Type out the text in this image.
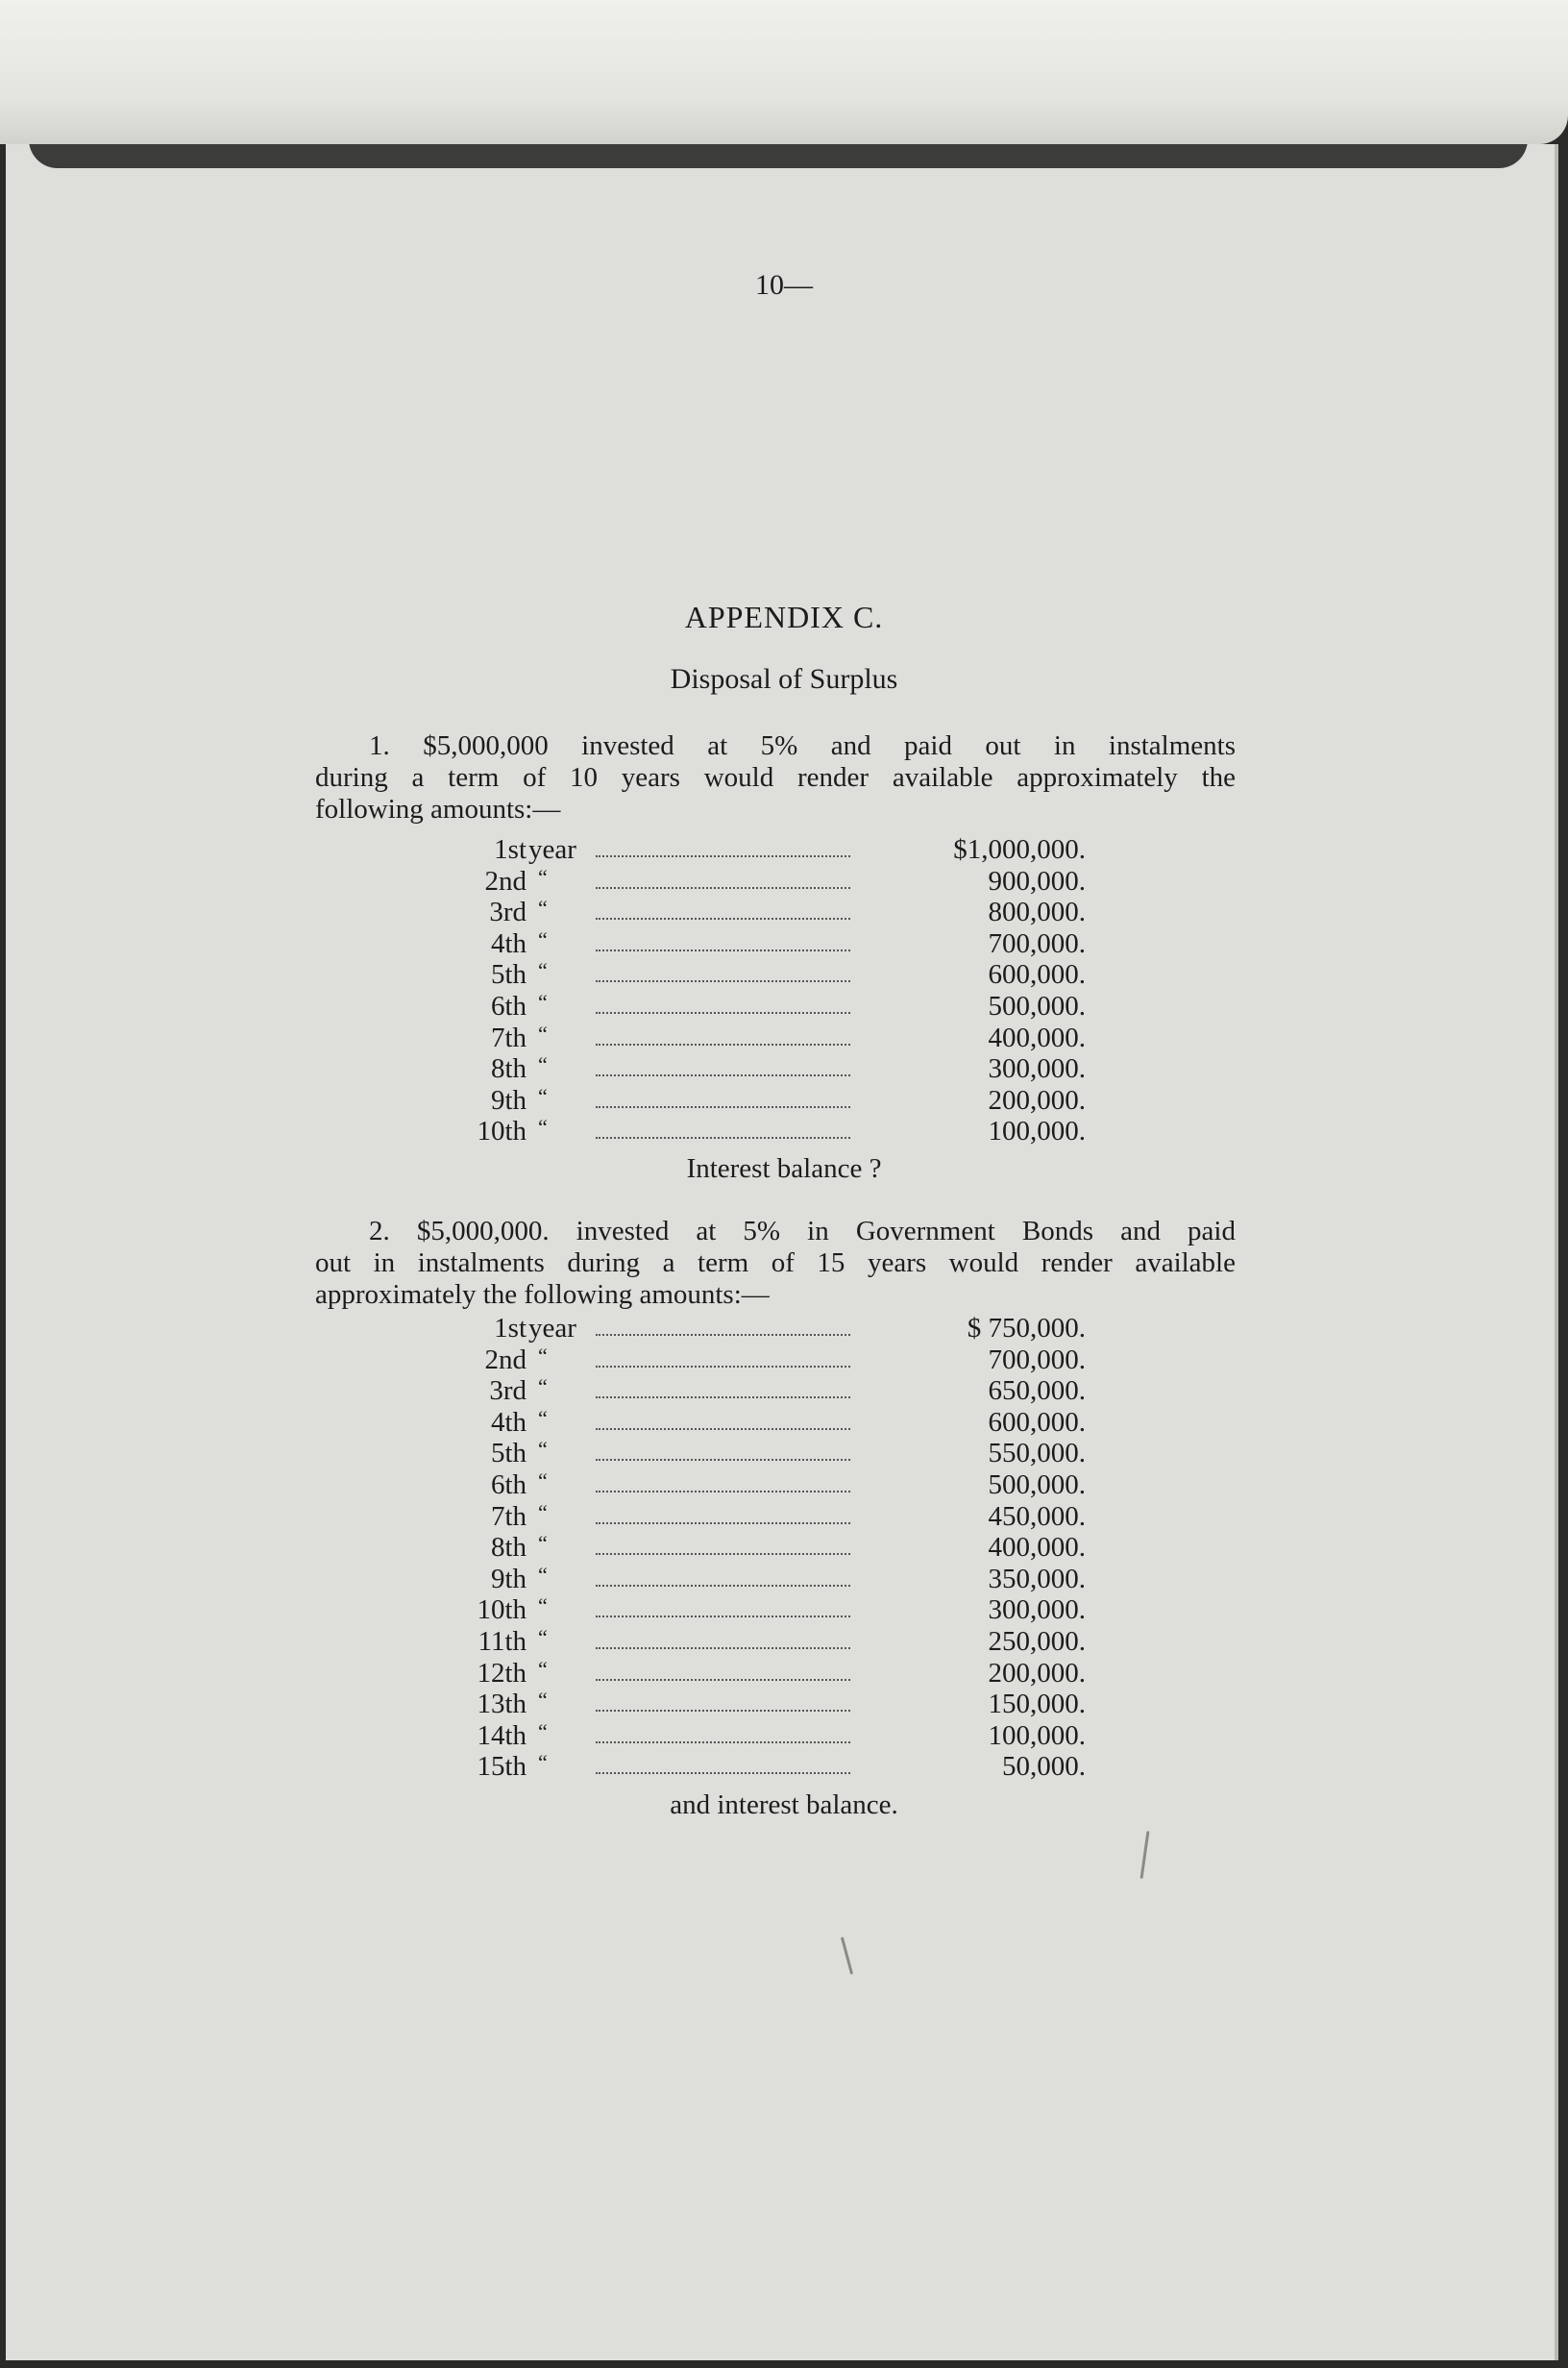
10—
APPENDIX C.
Disposal of Surplus
1. $5,000,000 invested at 5% and paid out in instalments
during a term of 10 years would render available approximately the
following amounts:—
1st year	$1,000,000.
2nd “	900,000.
3rd “	800,000.
4th “	700,000.
5th “	600,000.
6th “	500,000.
7th “	400,000.
8th “	300,000.
9th “	200,000.
10th “	100,000.
Interest balance ?
2. $5,000,000. invested at 5% in Government Bonds and paid
out in instalments during a term of 15 years would render available
approximately the following amounts:—
1st year	$ 750,000.
2nd “	700,000.
3rd “	650,000.
4th “	600,000.
5th “	550,000.
6th “	500,000.
7th “	450,000.
8th “	400,000.
9th “	350,000.
10th “	300,000.
11th “	250,000.
12th “	200,000.
13th “	150,000.
14th “	100,000.
15th “	50,000.
and interest balance.
